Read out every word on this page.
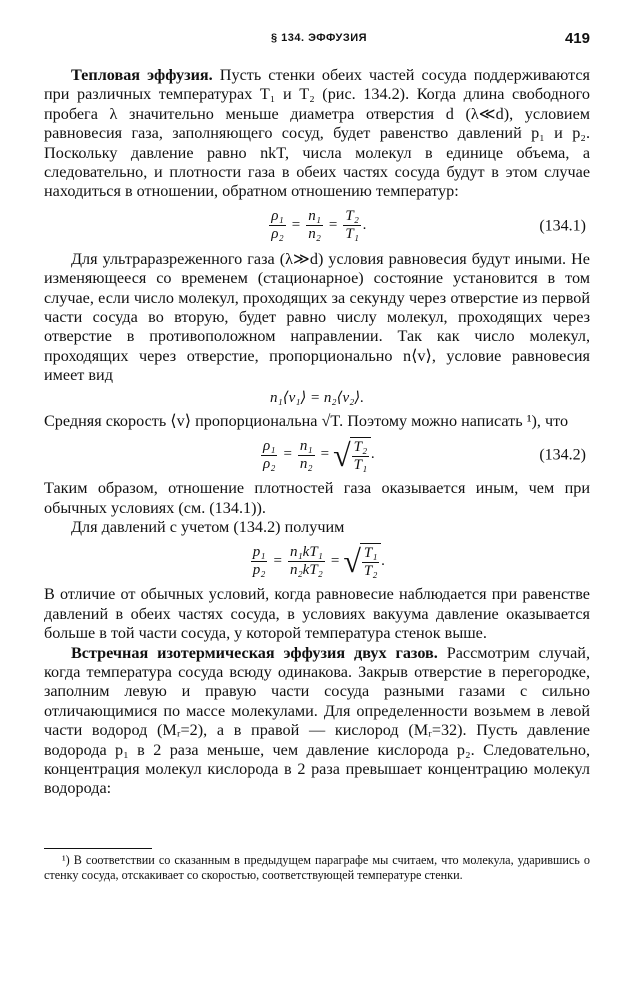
§ 134. ЭФФУЗИЯ	419

Тепловая эффузия. Пусть стенки обеих частей сосуда поддерживаются при различных температурах T₁ и T₂ (рис. 134.2). Когда длина свободного пробега λ значительно меньше диаметра отверстия d (λ≪d), условием равновесия газа, заполняющего сосуд, будет равенство давлений p₁ и p₂. Поскольку давление равно nkT, числа молекул в единице объема, а следовательно, и плотности газа в обеих частях сосуда будут в этом случае находиться в отношении, обратном отношению температур:

$\frac{\text{ρ₁}}{\text{ρ₂}} = \frac{\text{n₁}}{\text{n₂}} = \frac{\text{T₂}}{\text{T₁}}$ .	(134.1)

Для ультраразреженного газа (λ≫d) условия равновесия будут иными. Не изменяющееся со временем (стационарное) состояние установится в том случае, если число молекул, проходящих за секунду через отверстие из первой части сосуда во вторую, будет равно числу молекул, проходящих через отверстие в противоположном направлении. Так как число молекул, проходящих через отверстие, пропорционально n⟨v⟩, условие равновесия имеет вид

n₁⟨v₁⟩ = n₂⟨v₂⟩.

Средняя скорость ⟨v⟩ пропорциональна √T. Поэтому можно написать ¹), что

$\frac{\text{ρ₁}}{\text{ρ₂}} = \frac{\text{n₁}}{\text{n₂}}$ = √ $\frac{\text{T₂}}{\text{T₁}}$ .	(134.2)

Таким образом, отношение плотностей газа оказывается иным, чем при обычных условиях (см. (134.1)).

Для давлений с учетом (134.2) получим

$\frac{\text{p₁}}{\text{p₂}} = \frac{\text{n₁kT₁}}{\text{n₂kT₂}}$ = √ $\frac{\text{T₁}}{\text{T₂}}$ .

В отличие от обычных условий, когда равновесие наблюдается при равенстве давлений в обеих частях сосуда, в условиях вакуума давление оказывается больше в той части сосуда, у которой температура стенок выше.

Встречная изотермическая эффузия двух газов. Рассмотрим случай, когда температура сосуда всюду одинакова. Закрыв отверстие в перегородке, заполним левую и правую части сосуда разными газами с сильно отличающимися по массе молекулами. Для определенности возьмем в левой части водород (Mᵣ=2), а в правой — кислород (Mᵣ=32). Пусть давление водорода p₁ в 2 раза меньше, чем давление кислорода p₂. Следовательно, концентрация молекул кислорода в 2 раза превышает концентрацию молекул водорода:

¹) В соответствии со сказанным в предыдущем параграфе мы считаем, что молекула, ударившись о стенку сосуда, отскакивает со скоростью, соответствующей температуре стенки.
